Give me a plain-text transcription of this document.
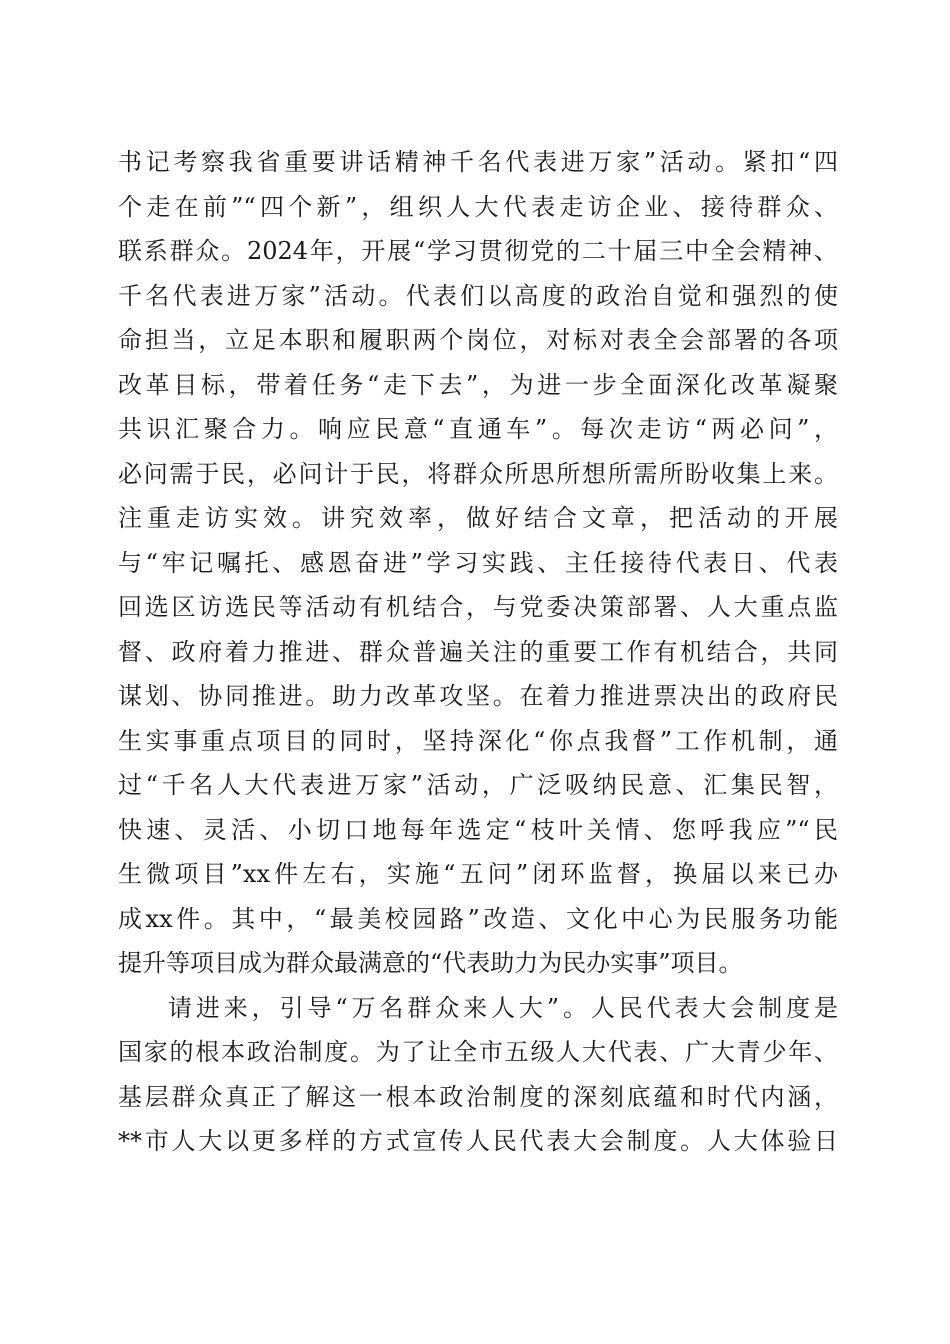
书记考察我省重要讲话精神千名代表进万家”活动。紧扣“四
个走在前”“四个新”，组织人大代表走访企业、接待群众、
联系群众。2024年，开展“学习贯彻党的二十届三中全会精神、
千名代表进万家”活动。代表们以高度的政治自觉和强烈的使
命担当，立足本职和履职两个岗位，对标对表全会部署的各项
改革目标，带着任务“走下去”，为进一步全面深化改革凝聚
共识汇聚合力。响应民意“直通车”。每次走访“两必问”，
必问需于民，必问计于民，将群众所思所想所需所盼收集上来。
注重走访实效。讲究效率，做好结合文章，把活动的开展
与“牢记嘱托、感恩奋进”学习实践、主任接待代表日、代表
回选区访选民等活动有机结合，与党委决策部署、人大重点监
督、政府着力推进、群众普遍关注的重要工作有机结合，共同
谋划、协同推进。助力改革攻坚。在着力推进票决出的政府民
生实事重点项目的同时，坚持深化“你点我督”工作机制，通
过“千名人大代表进万家”活动，广泛吸纳民意、汇集民智，
快速、灵活、小切口地每年选定“枝叶关情、您呼我应”“民
生微项目”xx件左右，实施“五问”闭环监督，换届以来已办
成xx件。其中，“最美校园路”改造、文化中心为民服务功能
提升等项目成为群众最满意的“代表助力为民办实事”项目。
请进来，引导“万名群众来人大”。人民代表大会制度是
国家的根本政治制度。为了让全市五级人大代表、广大青少年、
基层群众真正了解这一根本政治制度的深刻底蕴和时代内涵，
**市人大以更多样的方式宣传人民代表大会制度。人大体验日
